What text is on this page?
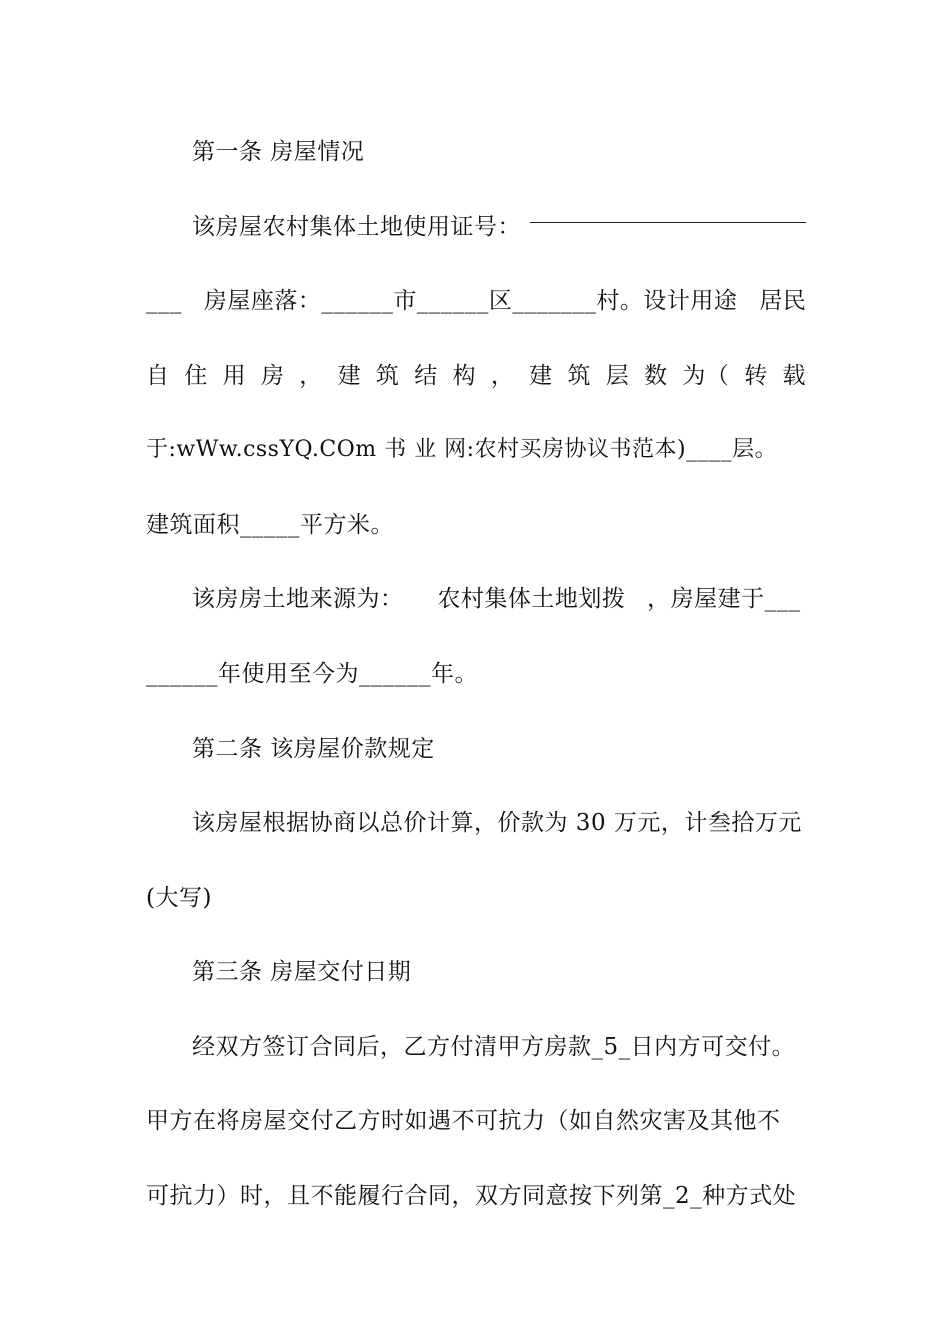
第一条 房屋情况
该房屋农村集体土地使用证号：
___ 房屋座落：______市______区_______村。设计用途 居民
自 住 用 房 ， 建 筑 结 构 ， 建 筑 层 数 为（ 转 载
于:wWw.cssYQ.COm 书 业 网:农村买房协议书范本)____层。
建筑面积_____平方米。
该房房土地来源为： 农村集体土地划拨 ，房屋建于___
______年使用至今为______年。
第二条 该房屋价款规定
该房屋根据协商以总价计算，价款为 30 万元，计叁拾万元
(大写)
第三条 房屋交付日期
经双方签订合同后，乙方付清甲方房款_5_日内方可交付。
甲方在将房屋交付乙方时如遇不可抗力（如自然灾害及其他不
可抗力）时，且不能履行合同，双方同意按下列第_2_种方式处
